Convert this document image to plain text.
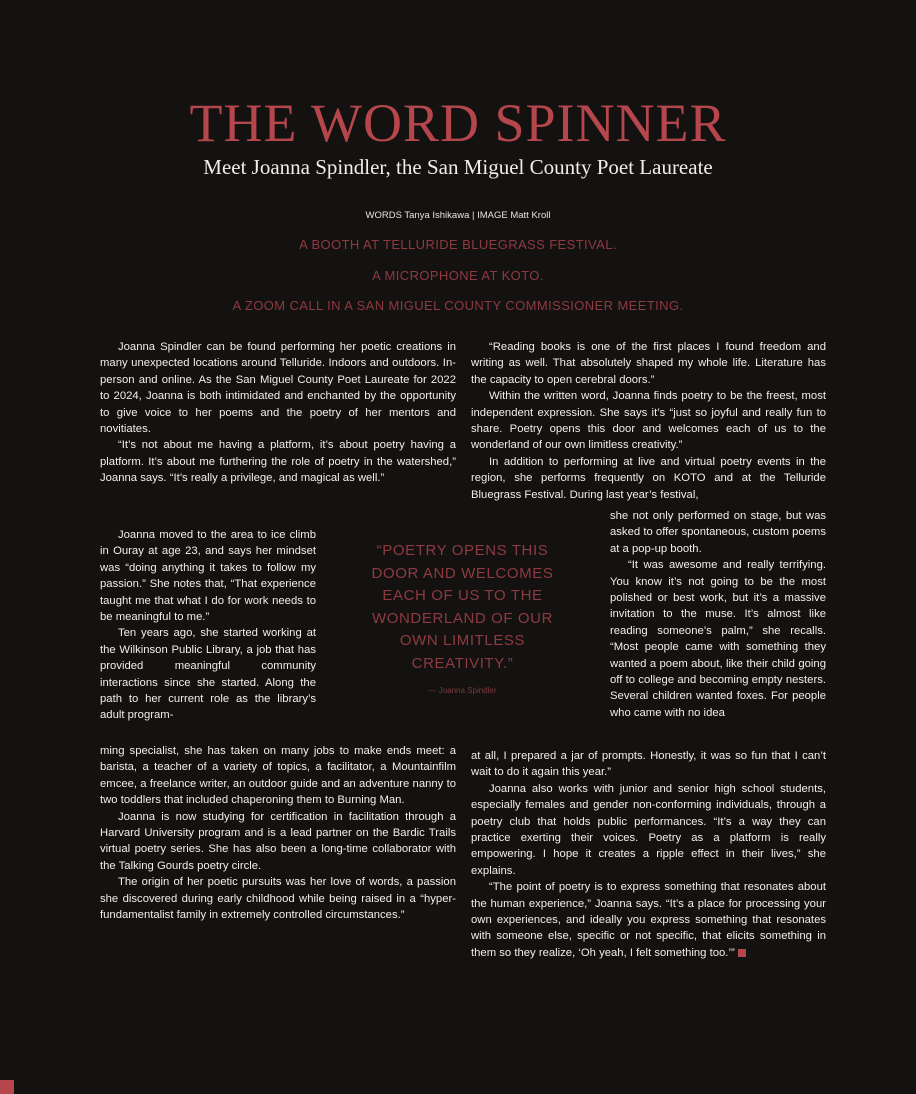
THE WORD SPINNER
Meet Joanna Spindler, the San Miguel County Poet Laureate
WORDS Tanya Ishikawa | IMAGE Matt Kroll
A BOOTH AT TELLURIDE BLUEGRASS FESTIVAL.
A MICROPHONE AT KOTO.
A ZOOM CALL IN A SAN MIGUEL COUNTY COMMISSIONER MEETING.

Joanna Spindler can be found performing her poetic creations in many unexpected locations around Telluride. Indoors and outdoors. In-person and online. As the San Miguel County Poet Laureate for 2022 to 2024, Joanna is both intimidated and enchanted by the opportunity to give voice to her poems and the poetry of her mentors and novitiates.

“It’s not about me having a platform, it’s about poetry having a platform. It’s about me furthering the role of poetry in the watershed,” Joanna says. “It’s really a privilege, and magical as well.”

Joanna moved to the area to ice climb in Ouray at age 23, and says her mindset was “doing anything it takes to follow my passion.” She notes that, “That experience taught me that what I do for work needs to be meaningful to me.”

Ten years ago, she started working at the Wilkinson Public Library, a job that has provided meaningful community interactions since she started. Along the path to her current role as the library’s adult program-

ming specialist, she has taken on many jobs to make ends meet: a barista, a teacher of a variety of topics, a facilitator, a Mountainfilm emcee, a freelance writer, an outdoor guide and an adventure nanny to two toddlers that included chaperoning them to Burning Man.

Joanna is now studying for certification in facilitation through a Harvard University program and is a lead partner on the Bardic Trails virtual poetry series. She has also been a long-time collaborator with the Talking Gourds poetry circle.

The origin of her poetic pursuits was her love of words, a passion she discovered during early childhood while being raised in a “hyper-fundamentalist family in extremely controlled circumstances.”

“Reading books is one of the first places I found freedom and writing as well. That absolutely shaped my whole life. Literature has the capacity to open cerebral doors.”

Within the written word, Joanna finds poetry to be the freest, most independent expression. She says it’s “just so joyful and really fun to share. Poetry opens this door and welcomes each of us to the wonderland of our own limitless creativity.”

In addition to performing at live and virtual poetry events in the region, she performs frequently on KOTO and at the Telluride Bluegrass Festival. During last year’s festival,

she not only performed on stage, but was asked to offer spontaneous, custom poems at a pop-up booth.

“It was awesome and really terrifying. You know it’s not going to be the most polished or best work, but it’s a massive invitation to the muse. It’s almost like reading someone’s palm,” she recalls. “Most people came with something they wanted a poem about, like their child going off to college and becoming empty nesters. Several children wanted foxes. For people who came with no idea

at all, I prepared a jar of prompts. Honestly, it was so fun that I can’t wait to do it again this year.”

Joanna also works with junior and senior high school students, especially females and gender non-conforming individuals, through a poetry club that holds public performances. “It’s a way they can practice exerting their voices. Poetry as a platform is really empowering. I hope it creates a ripple effect in their lives,” she explains.

“The point of poetry is to express something that resonates about the human experience,” Joanna says. “It’s a place for processing your own experiences, and ideally you express something that resonates with someone else, specific or not specific, that elicits something in them so they realize, ‘Oh yeah, I felt something too.’”

“POETRY OPENS THIS DOOR AND WELCOMES EACH OF US TO THE WONDERLAND OF OUR OWN LIMITLESS CREATIVITY.”
— Joanna Spindler
